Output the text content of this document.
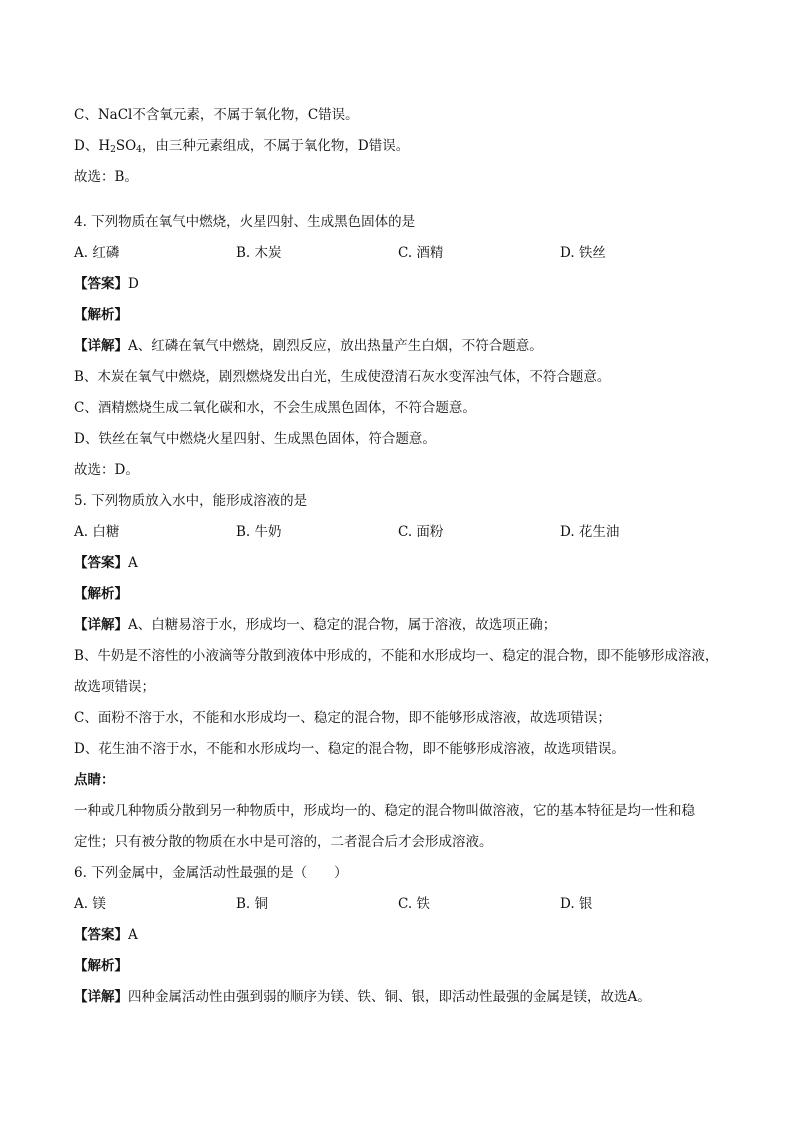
C、NaCl不含氧元素，不属于氧化物，C错误。
D、$H_2SO_4$，由三种元素组成，不属于氧化物，D错误。
故选：B。
4. 下列物质在氧气中燃烧，火星四射、生成黑色固体的是
A. 红磷	B. 木炭	C. 酒精	D. 铁丝
【答案】D
【解析】
【详解】A、红磷在氧气中燃烧，剧烈反应，放出热量产生白烟，不符合题意。
B、木炭在氧气中燃烧，剧烈燃烧发出白光，生成使澄清石灰水变浑浊气体，不符合题意。
C、酒精燃烧生成二氧化碳和水，不会生成黑色固体，不符合题意。
D、铁丝在氧气中燃烧火星四射、生成黑色固体，符合题意。
故选：D。
5. 下列物质放入水中，能形成溶液的是
A. 白糖	B. 牛奶	C. 面粉	D. 花生油
【答案】A
【解析】
【详解】A、白糖易溶于水，形成均一、稳定的混合物，属于溶液，故选项正确；
B、牛奶是不溶性的小液滴等分散到液体中形成的，不能和水形成均一、稳定的混合物，即不能够形成溶液，
故选项错误；
C、面粉不溶于水，不能和水形成均一、稳定的混合物，即不能够形成溶液，故选项错误；
D、花生油不溶于水，不能和水形成均一、稳定的混合物，即不能够形成溶液，故选项错误。
点睛：
一种或几种物质分散到另一种物质中，形成均一的、稳定的混合物叫做溶液，它的基本特征是均一性和稳
定性；只有被分散的物质在水中是可溶的，二者混合后才会形成溶液。
6. 下列金属中，金属活动性最强的是（　　）
A. 镁	B. 铜	C. 铁	D. 银
【答案】A
【解析】
【详解】四种金属活动性由强到弱的顺序为镁、铁、铜、银，即活动性最强的金属是镁，故选A。
